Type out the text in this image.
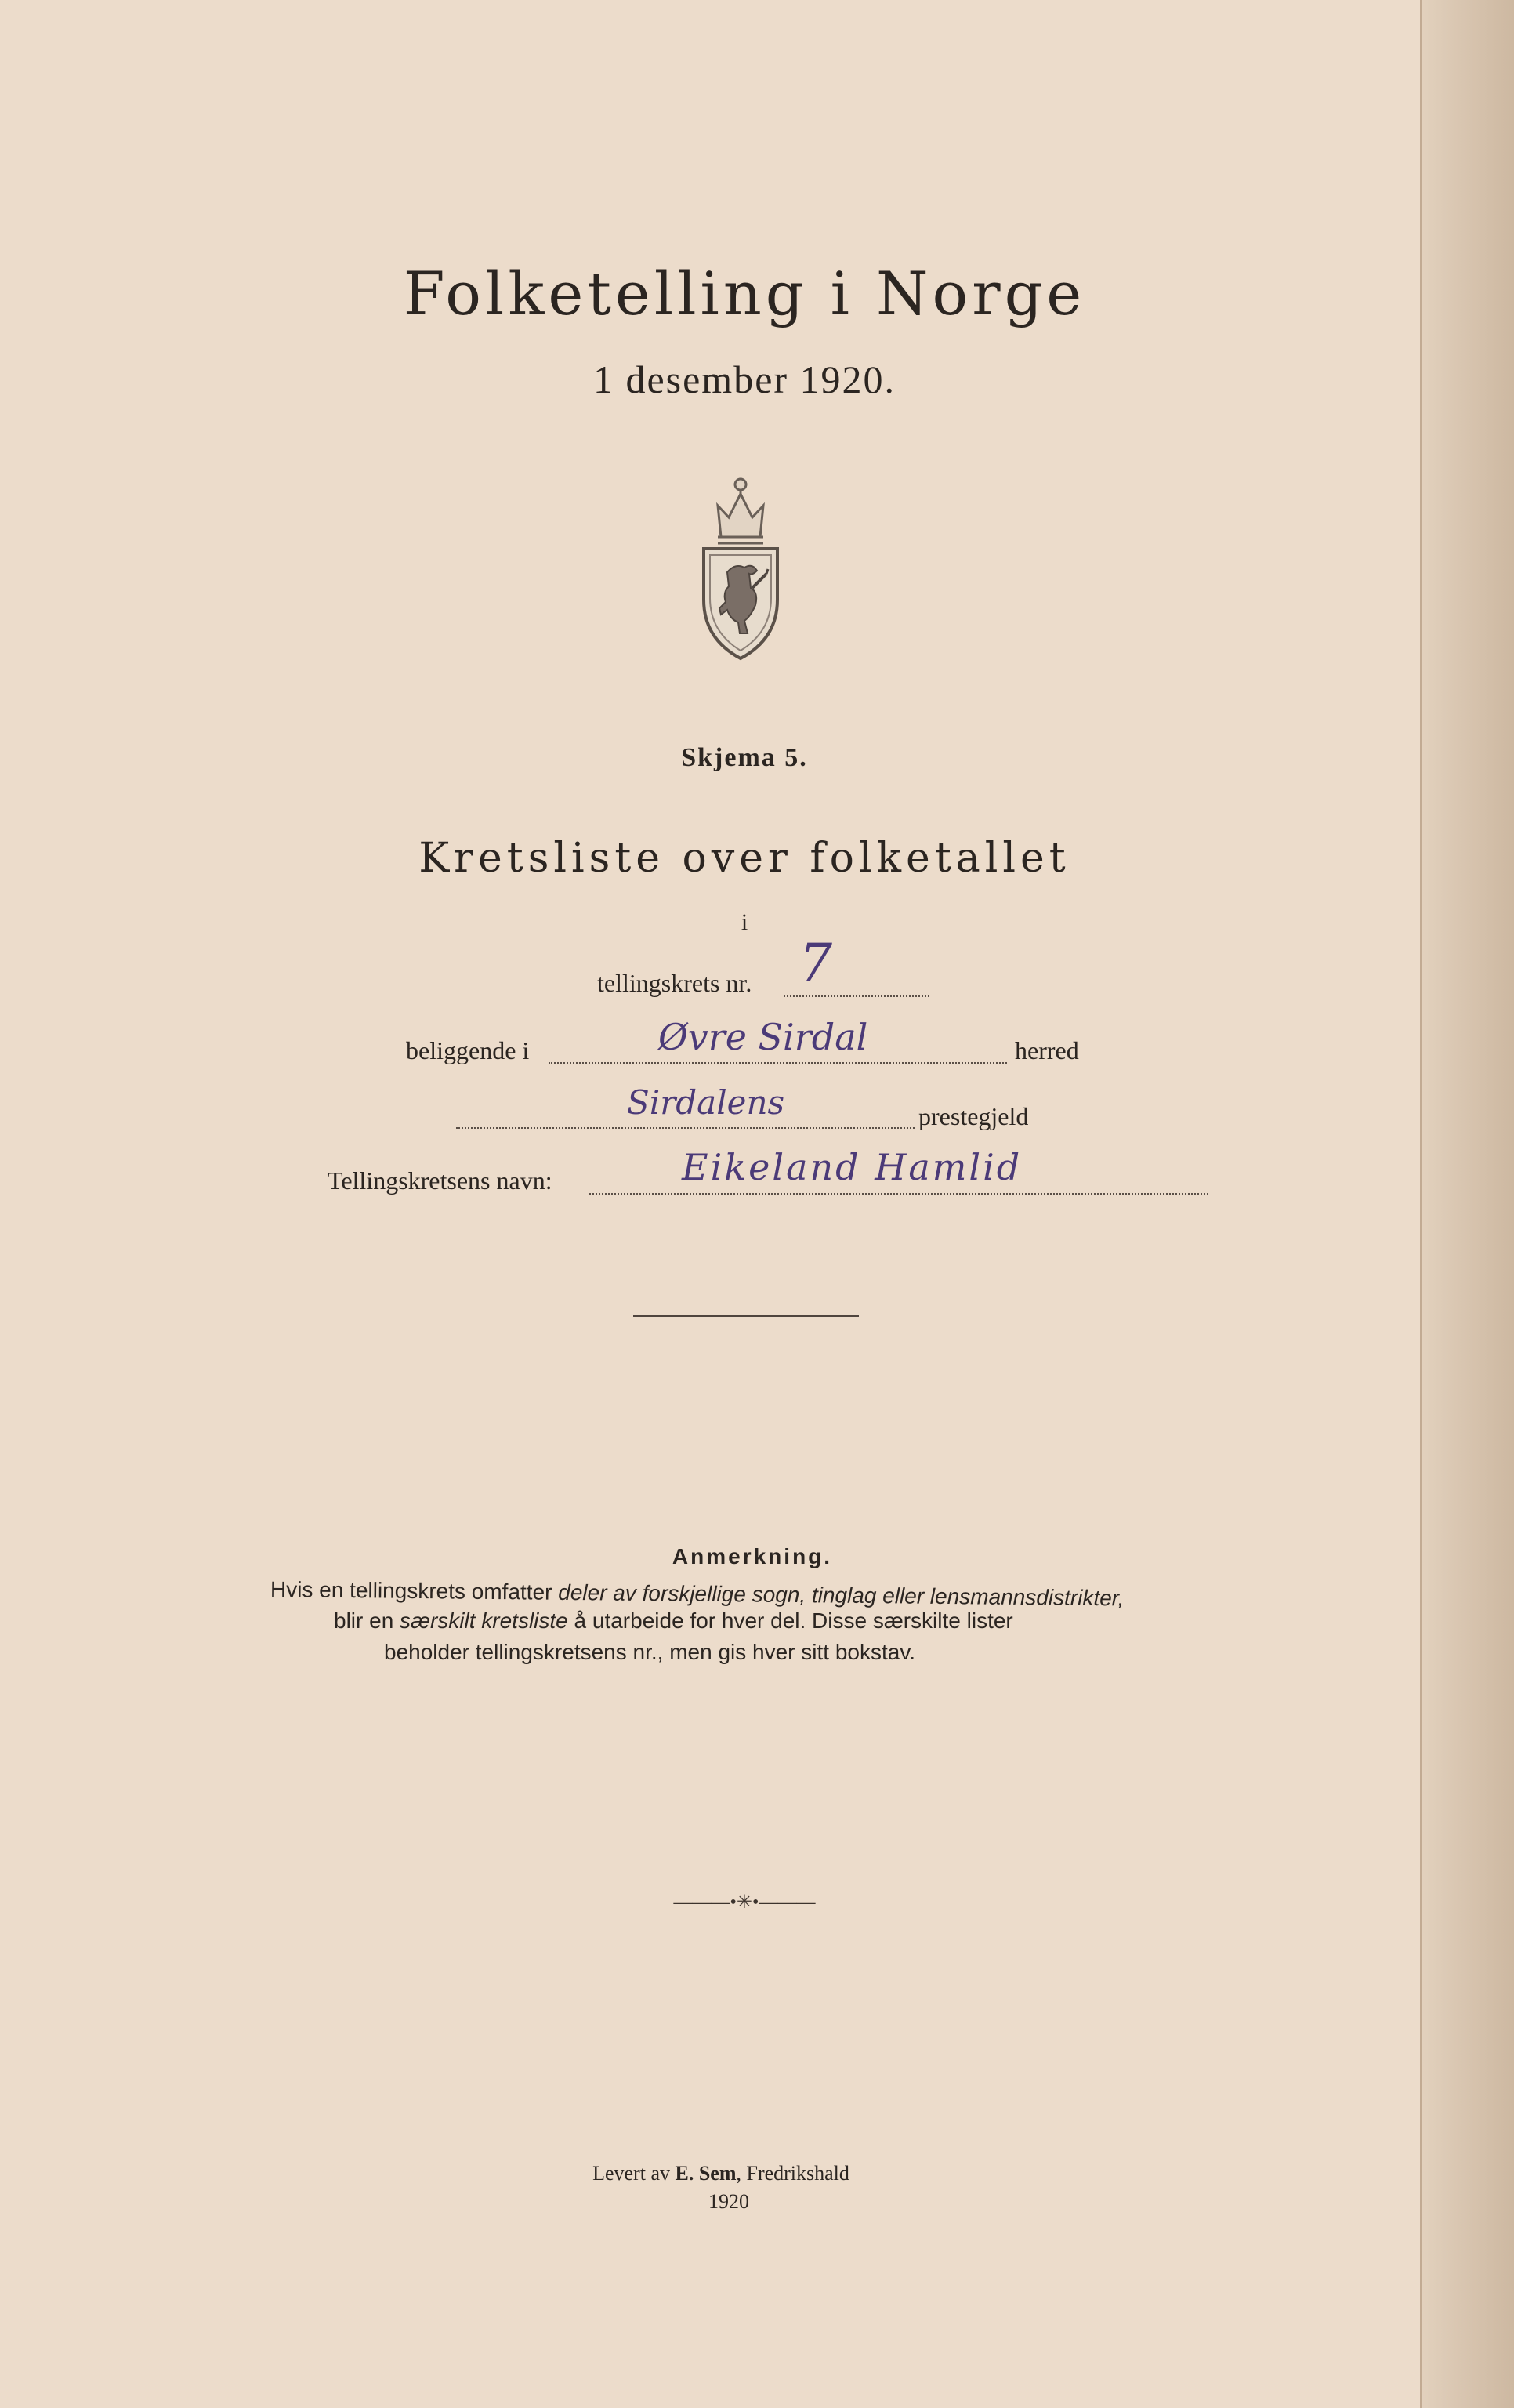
Folketelling i Norge
1 desember 1920.
Skjema 5.
Kretsliste over folketallet
i
tellingskrets nr. 7
beliggende i	Øvre Sirdal	herred
Sirdalens	prestegjeld
Tellingskretsens navn:	Eikeland Hamlid
Anmerkning.
Hvis en tellingskrets omfatter deler av forskjellige sogn, tinglag eller lensmannsdistrikter,
blir en særskilt kretsliste å utarbeide for hver del. Disse særskilte lister
beholder tellingskretsens nr., men gis hver sitt bokstav.
———•✳•———
Levert av E. Sem, Fredrikshald
1920
